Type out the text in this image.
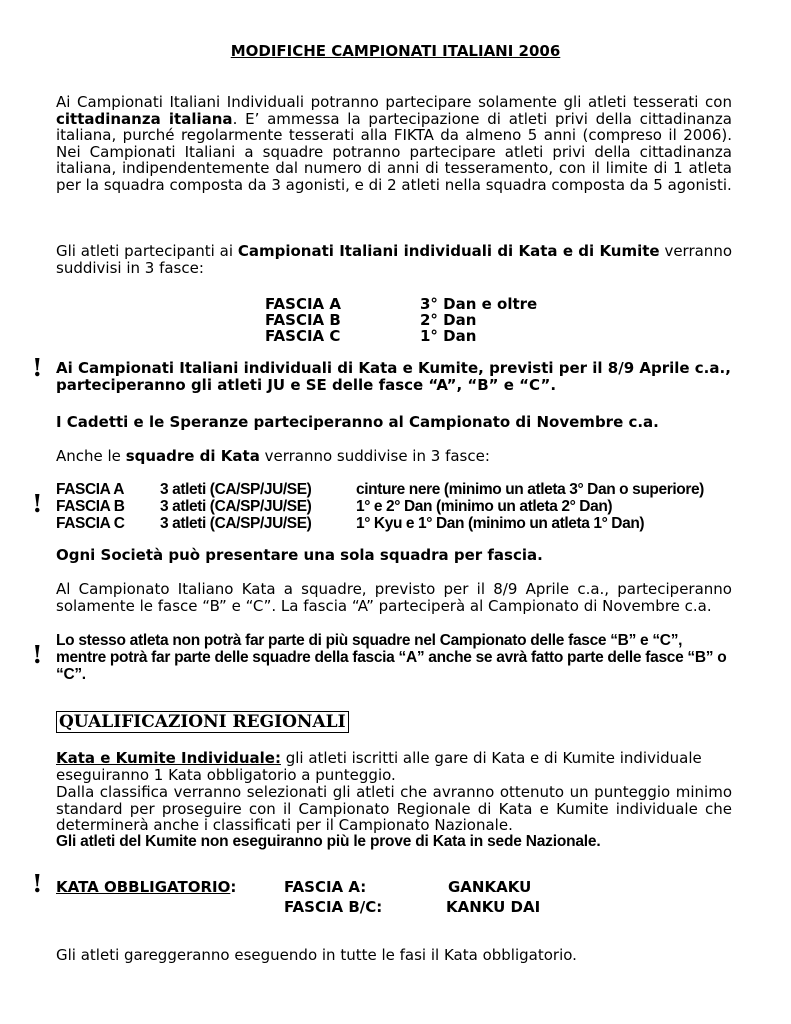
MODIFICHE CAMPIONATI ITALIANI 2006

Ai Campionati Italiani Individuali potranno partecipare solamente gli atleti tesserati con cittadinanza italiana. E’ ammessa la partecipazione di atleti privi della cittadinanza italiana, purché regolarmente tesserati alla FIKTA da almeno 5 anni (compreso il 2006). Nei Campionati Italiani a squadre potranno partecipare atleti privi della cittadinanza italiana, indipendentemente dal numero di anni di tesseramento, con il limite di 1 atleta per la squadra composta da 3 agonisti, e di 2 atleti nella squadra composta da 5 agonisti.

Gli atleti partecipanti ai Campionati Italiani individuali di Kata e di Kumite verranno suddivisi in 3 fasce:

FASCIA A	3° Dan e oltre
FASCIA B	2° Dan
FASCIA C	1° Dan
! Ai Campionati Italiani individuali di Kata e Kumite, previsti per il 8/9 Aprile c.a., parteciperanno gli atleti JU e SE delle fasce “A”, “B” e “C”.

I Cadetti e le Speranze parteciperanno al Campionato di Novembre c.a.

Anche le squadre di Kata verranno suddivise in 3 fasce:

! FASCIA A 3 atleti (CA/SP/JU/SE)	cinture nere (minimo un atleta 3° Dan o superiore)
FASCIA B 3 atleti (CA/SP/JU/SE)	1° e 2° Dan (minimo un atleta 2° Dan)
FASCIA C 3 atleti (CA/SP/JU/SE)	1° Kyu e 1° Dan (minimo un atleta 1° Dan)

Ogni Società può presentare una sola squadra per fascia.

Al Campionato Italiano Kata a squadre, previsto per il 8/9 Aprile c.a., parteciperanno solamente le fasce “B” e “C”. La fascia “A” parteciperà al Campionato di Novembre c.a.

! Lo stesso atleta non potrà far parte di più squadre nel Campionato delle fasce “B” e “C”, mentre potrà far parte delle squadre della fascia “A” anche se avrà fatto parte delle fasce “B” o “C”.

QUALIFICAZIONI REGIONALI

Kata e Kumite Individuale: gli atleti iscritti alle gare di Kata e di Kumite individuale eseguiranno 1 Kata obbligatorio a punteggio.

Dalla classifica verranno selezionati gli atleti che avranno ottenuto un punteggio minimo standard per proseguire con il Campionato Regionale di Kata e Kumite individuale che determinerà anche i classificati per il Campionato Nazionale.

Gli atleti del Kumite non eseguiranno più le prove di Kata in sede Nazionale.

! KATA OBBLIGATORIO:	FASCIA A:	GANKAKU
FASCIA B/C:	KANKU DAI

Gli atleti gareggeranno eseguendo in tutte le fasi il Kata obbligatorio.
